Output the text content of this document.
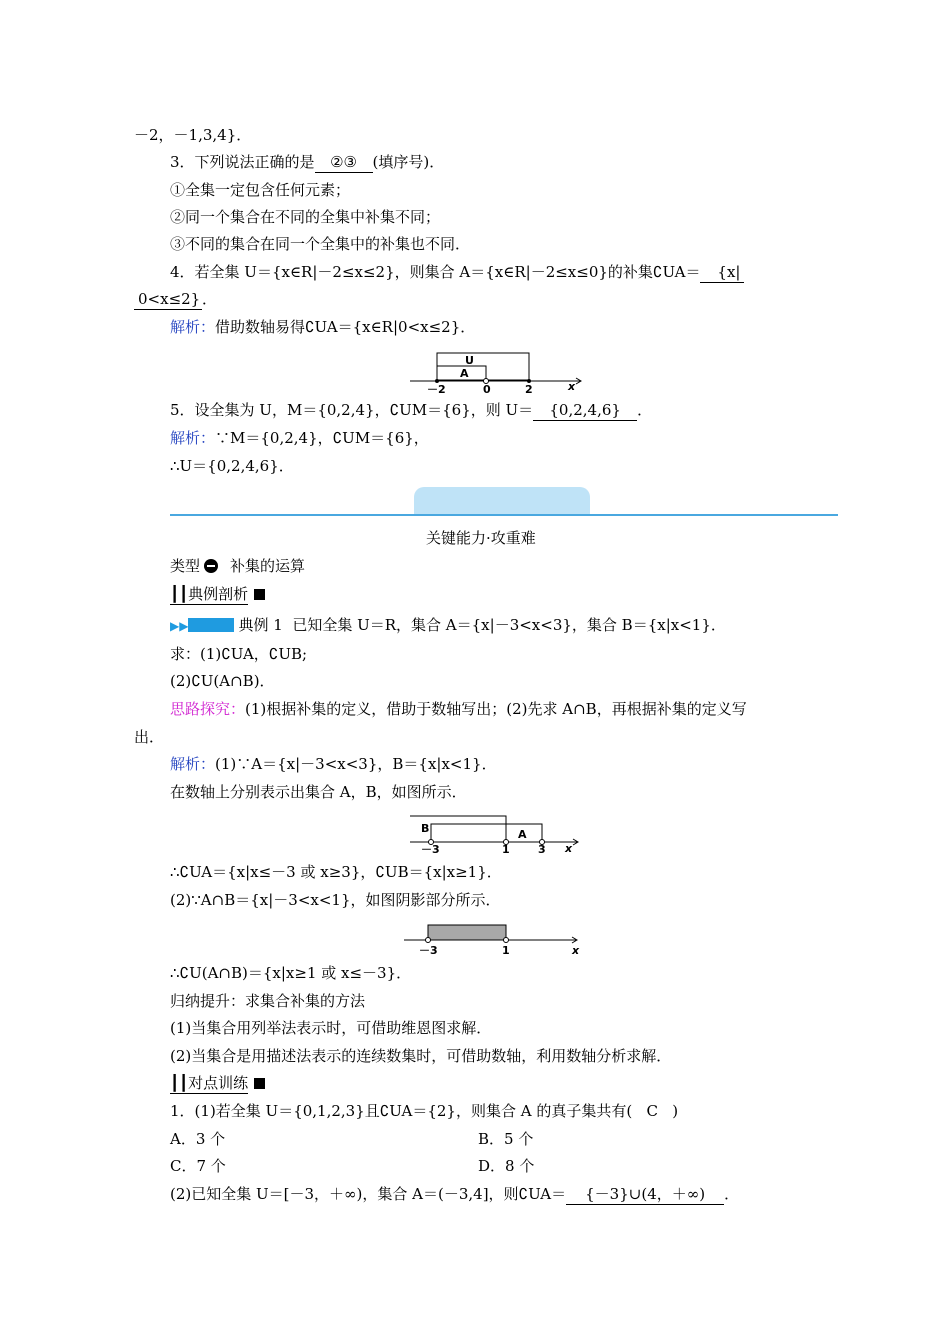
－2，－1,3,4}．
3．下列说法正确的是 ②③ (填序号)．
①全集一定包含任何元素；
②同一个集合在不同的全集中补集不同；
③不同的集合在同一个全集中的补集也不同．
4．若全集 U＝{x∈R|－2≤x≤2}，则集合 A＝{x∈R|－2≤x≤0}的补集∁UA＝ {x|
0<x≤2} ．
解析：借助数轴易得∁UA＝{x∈R|0<x≤2}．
U
A
－2	0	2	x
5．设全集为 U，M＝{0,2,4}，∁UM＝{6}，则 U＝ {0,2,4,6} ．
解析：∵M＝{0,2,4}，∁UM＝{6}，
∴U＝{0,2,4,6}．
关键能力·攻重难
类型 补集的运算
┃┃典例剖析
▶▶	典例 1 已知全集 U＝R，集合 A＝{x|－3<x<3}，集合 B＝{x|x<1}．
求：(1)∁UA，∁UB;
(2)∁U(A∩B)．
思路探究：(1)根据补集的定义，借助于数轴写出；(2)先求 A∩B，再根据补集的定义写
出．
解析：(1)∵A＝{x|－3<x<3}，B＝{x|x<1}．
在数轴上分别表示出集合 A，B，如图所示．
B	A
－3	1	3 x
∴∁UA＝{x|x≤－3 或 x≥3}，∁UB＝{x|x≥1}．
(2)∵A∩B＝{x|－3<x<1}，如图阴影部分所示．
－3	1	x
∴∁U(A∩B)＝{x|x≥1 或 x≤－3}．
归纳提升：求集合补集的方法
(1)当集合用列举法表示时，可借助维恩图求解．
(2)当集合是用描述法表示的连续数集时，可借助数轴，利用数轴分析求解．
┃┃对点训练
1．(1)若全集 U＝{0,1,2,3}且∁UA＝{2}，则集合 A 的真子集共有( C )
A．3 个	B．5 个
C．7 个	D．8 个
(2)已知全集 U＝[－3，＋∞)，集合 A＝(－3,4]，则∁UA＝ {－3}∪(4，＋∞) ．
